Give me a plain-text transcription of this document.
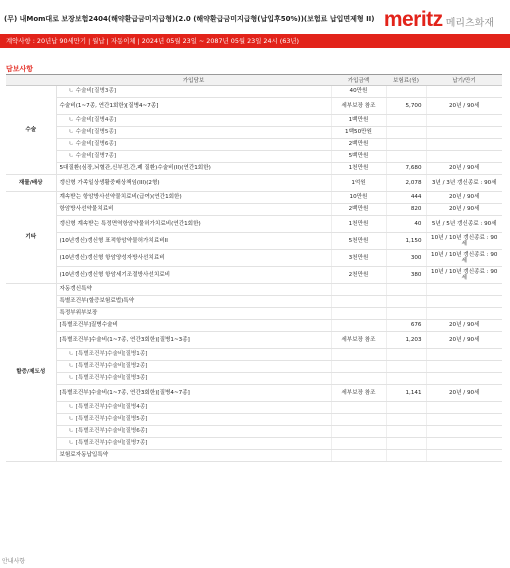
(무) 내Mom대로 보장보험2404(해약환급금미지급형)(2.0 (해약환급금미지급형(납입후50%))(보험료 납입면제형 II) meritz 메리츠화재
계약사항 : 20년납 90세만기 | 월납 | 자동이체 | 2024년 05월 23일 ~ 2087년 05월 23일 24시 (63년)
담보사항
	가입담보	가입금액	보험료(원)	납기/만기
수술	ㄴ 수술비[질병3종]	40만원		
	수술비(1~7종, 연간1회한)[질병4~7종]	세부보장 참조	5,700	20년 / 90세
	ㄴ 수술비[질병4종]	1백만원		
	ㄴ 수술비[질병5종]	1백50만원		
	ㄴ 수술비[질병6종]	2백만원		
	ㄴ 수술비[질병7종]	5백만원		
	5대질환(심장,뇌혈관,신부전,간,폐 질환)수술비(II)(연간1회한)	1천만원	7,680	20년 / 90세
재물/배상	갱신형 가족일상생활중배상책임(III)(2형)	1억원	2,078	3년 / 3년 갱신종료 : 90세
기타	계속받는 항암방사선약물치료비(급여)(연간1회한)	10만원	444	20년 / 90세
	항암방사선약물치료비	2백만원	820	20년 / 90세
	갱신형 계속받는 특정면역항암약물허가치료비(연간1회한)	1천만원	40	5년 / 5년 갱신종료 : 90세
	(10년갱신)갱신형 표적항암약물허가치료비II	5천만원	1,150	10년 / 10년 갱신종료 : 90세
	(10년갱신)갱신형 항암양성자방사선치료비	3천만원	300	10년 / 10년 갱신종료 : 90세
	(10년갱신)갱신형 항암세기조절방사선치료비	2천만원	380	10년 / 10년 갱신종료 : 90세
할증/제도성	자동갱신특약			
	특별조건부(할증보험료법)특약			
	특정부위부보장			
	[특별조건부]질병수술비		676	20년 / 90세
	[특별조건부]수술비(1~7종, 연간3회한)[질병1~3종]	세부보장 참조	1,203	20년 / 90세
	ㄴ [특별조건부]수술비[질병1종]			
	ㄴ [특별조건부]수술비[질병2종]			
	ㄴ [특별조건부]수술비[질병3종]			
	[특별조건부]수술비(1~7종, 연간3회한)[질병4~7종]	세부보장 참조	1,141	20년 / 90세
	ㄴ [특별조건부]수술비[질병4종]			
	ㄴ [특별조건부]수술비[질병5종]			
	ㄴ [특별조건부]수술비[질병6종]			
	ㄴ [특별조건부]수술비[질병7종]			
	보험료자동납입특약			
안내사항
